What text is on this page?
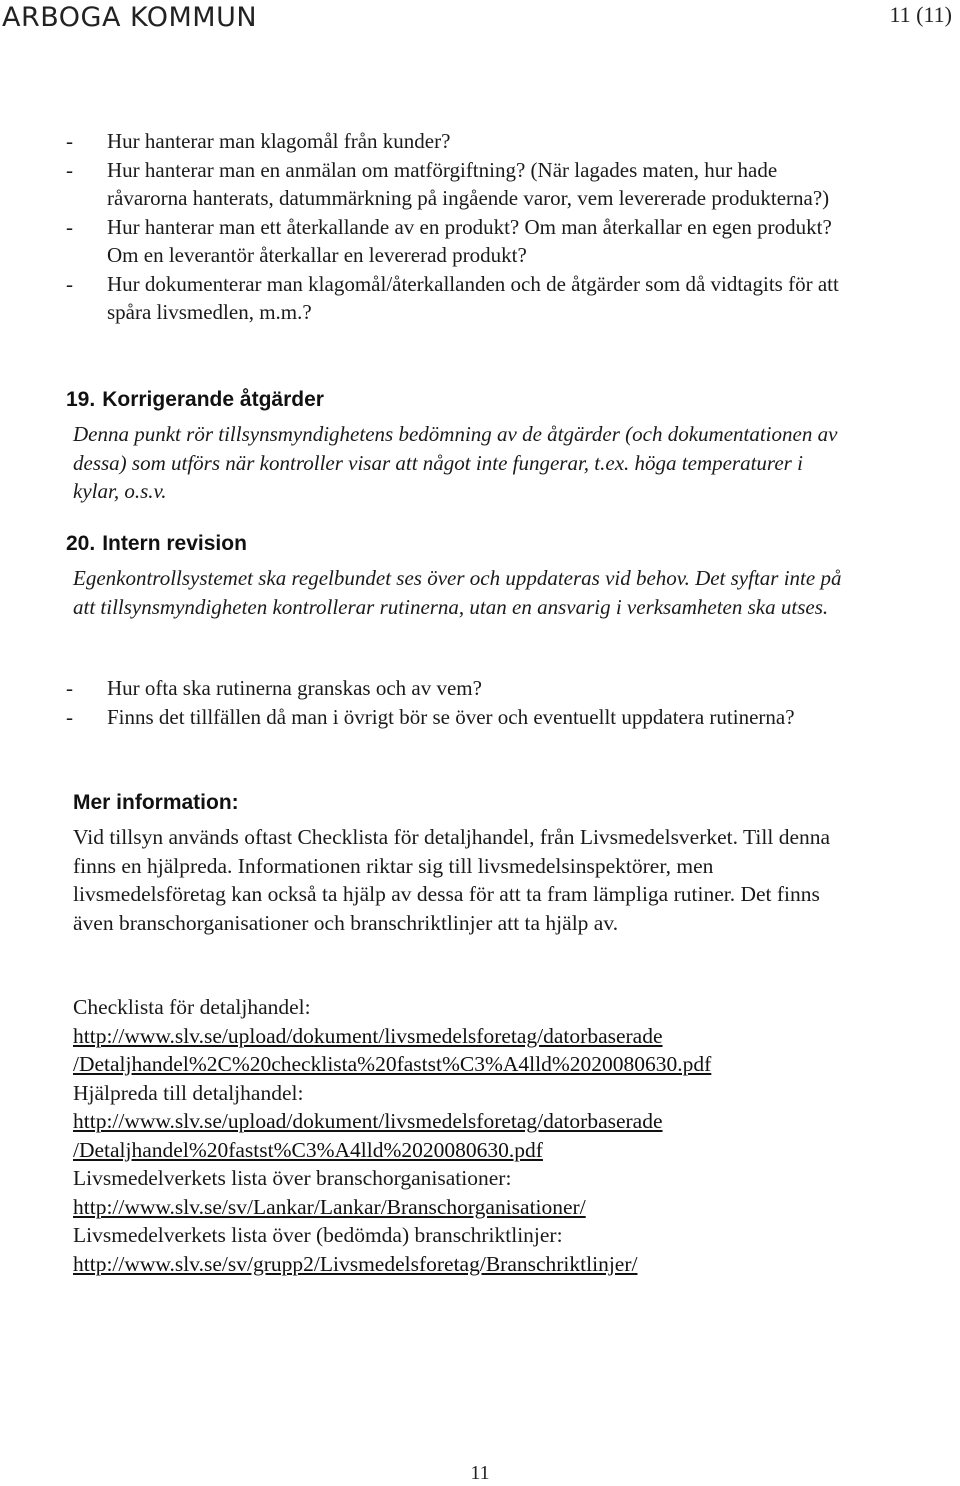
ARBOGA KOMMUN	11 (11)
- Hur hanterar man klagomål från kunder?
- Hur hanterar man en anmälan om matförgiftning? (När lagades maten, hur hade råvarorna hanterats, datummärkning på ingående varor, vem levererade produkterna?)
- Hur hanterar man ett återkallande av en produkt? Om man återkallar en egen produkt? Om en leverantör återkallar en levererad produkt?
- Hur dokumenterar man klagomål/återkallanden och de åtgärder som då vidtagits för att spåra livsmedlen, m.m.?
19. Korrigerande åtgärder
Denna punkt rör tillsynsmyndighetens bedömning av de åtgärder (och dokumentationen av dessa) som utförs när kontroller visar att något inte fungerar, t.ex. höga temperaturer i kylar, o.s.v.
20. Intern revision
Egenkontrollsystemet ska regelbundet ses över och uppdateras vid behov. Det syftar inte på att tillsynsmyndigheten kontrollerar rutinerna, utan en ansvarig i verksamheten ska utses.
- Hur ofta ska rutinerna granskas och av vem?
- Finns det tillfällen då man i övrigt bör se över och eventuellt uppdatera rutinerna?
Mer information:
Vid tillsyn används oftast Checklista för detaljhandel, från Livsmedelsverket. Till denna finns en hjälpreda. Informationen riktar sig till livsmedelsinspektörer, men livsmedelsföretag kan också ta hjälp av dessa för att ta fram lämpliga rutiner. Det finns även branschorganisationer och branschriktlinjer att ta hjälp av.
Checklista för detaljhandel:
http://www.slv.se/upload/dokument/livsmedelsforetag/datorbaserade
/Detaljhandel%2C%20checklista%20fastst%C3%A4lld%2020080630.pdf
Hjälpreda till detaljhandel:
http://www.slv.se/upload/dokument/livsmedelsforetag/datorbaserade
/Detaljhandel%20fastst%C3%A4lld%2020080630.pdf
Livsmedelverkets lista över branschorganisationer:
http://www.slv.se/sv/Lankar/Lankar/Branschorganisationer/
Livsmedelverkets lista över (bedömda) branschriktlinjer:
http://www.slv.se/sv/grupp2/Livsmedelsforetag/Branschriktlinjer/
11
